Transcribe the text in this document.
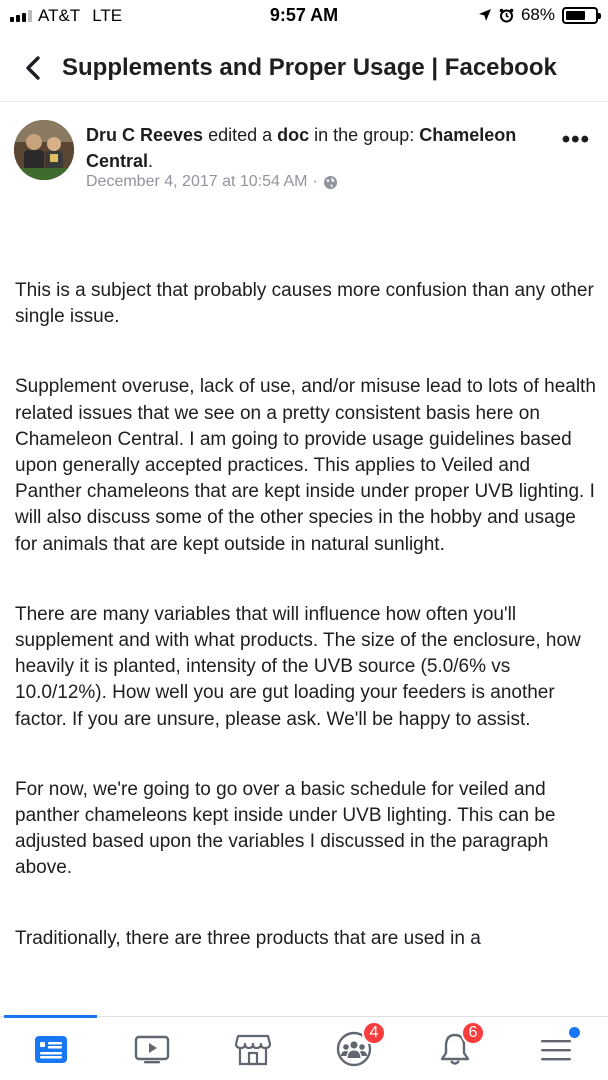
AT&T LTE	9:57 AM	68%
Supplements and Proper Usage | Facebook
Dru C Reeves edited a doc in the group: Chameleon Central.
December 4, 2017 at 10:54 AM ·
•••

This is a subject that probably causes more confusion than any other single issue.

Supplement overuse, lack of use, and/or misuse lead to lots of health related issues that we see on a pretty consistent basis here on Chameleon Central. I am going to provide usage guidelines based upon generally accepted practices. This applies to Veiled and Panther chameleons that are kept inside under proper UVB lighting. I will also discuss some of the other species in the hobby and usage for animals that are kept outside in natural sunlight.

There are many variables that will influence how often you'll supplement and with what products. The size of the enclosure, how heavily it is planted, intensity of the UVB source (5.0/6% vs 10.0/12%). How well you are gut loading your feeders is another factor. If you are unsure, please ask. We'll be happy to assist.

For now, we're going to go over a basic schedule for veiled and panther chameleons kept inside under UVB lighting. This can be adjusted based upon the variables I discussed in the paragraph above.

Traditionally, there are three products that are used in a

4	6
